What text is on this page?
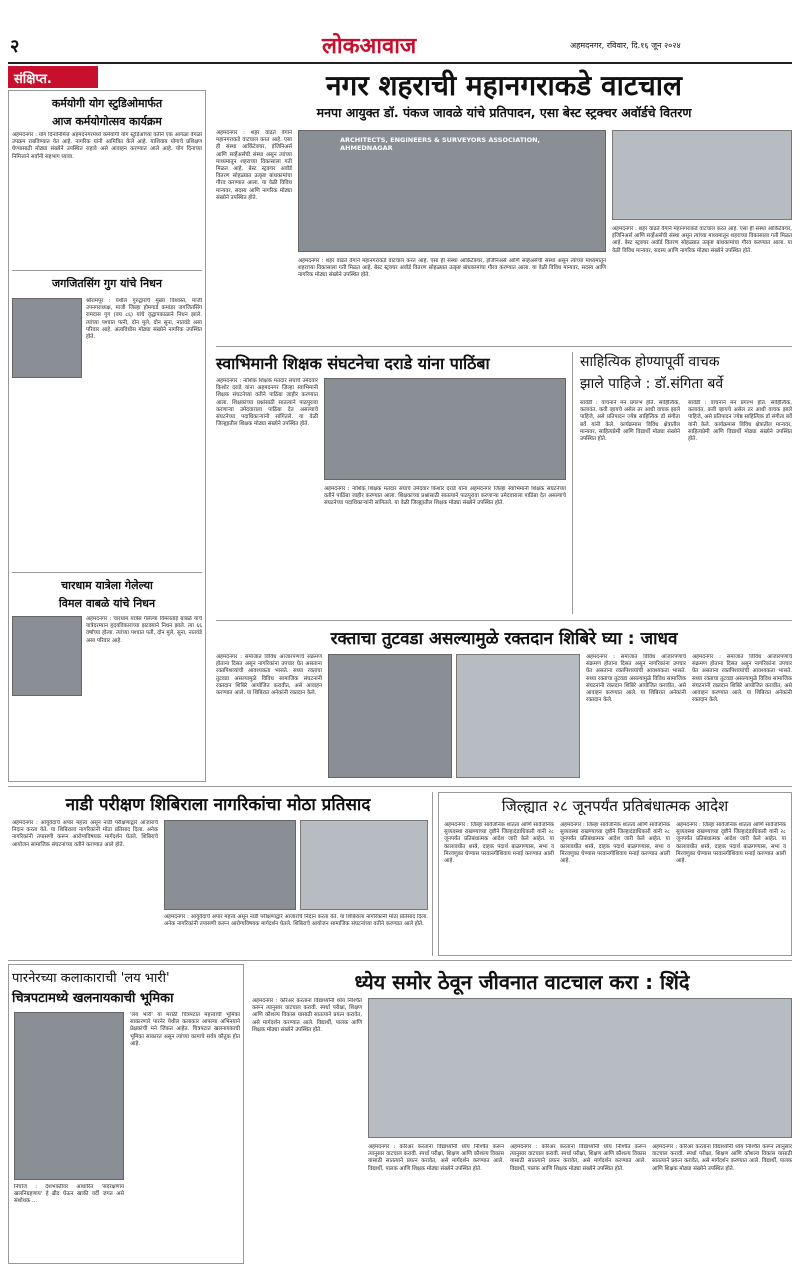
२	लोकआवाज	अहमदनगर, रविवार, दि.१६ जून २०२४
संक्षिप्त.
कर्मयोगी योग स्टुडिओमार्फत
आज कर्मयोगोत्सव कार्यक्रम
अहमदनगर : योग दिनानिमित्त अहमदनगरमध्ये कर्मयोगी योग स्टुडिओच्या वतीने एक आगळा वेगळा उपक्रम राबविण्यात येत आहे. नागरिक यांनी आमित्रित केले आहे. याशिवाय योगाचे प्रशिक्षण घेण्यासाठी मोठ्या संख्येने उपस्थित राहावे असे आवाहन करण्यात आले आहे. योग दिनाच्या निमित्ताने सर्वांनी सहभाग घ्यावा.
जगजितसिंग गुग यांचे निधन
श्रीरामपूर : येथील गुरुद्वाराचे मुख्य विश्वस्त, माजी उपनगराध्यक्ष, माजी जिल्हा होमगार्ड कमांडर जगजितसिंग रामदास गुग (वय ८६) यांचे वृद्धापकाळाने निधन झाले. त्यांच्या पश्चात पत्नी, दोन मुले, दोन सुना, नातवंडे असा परिवार आहे. अंत्यविधीस मोठ्या संख्येने नागरिक उपस्थित होते.
चारधाम यात्रेला गेलेल्या
विमल वाबळे यांचे निधन
अहमदनगर : चारधाम यात्रेस गेलेल्या विमलताई बाबळे यांचे यात्रेदरम्यान हृदयविकाराच्या झटक्याने निधन झाले. त्या ६६ वर्षांच्या होत्या. त्यांच्या पश्चात पती, दोन मुले, सुना, नातवंडे असा परिवार आहे.
नगर शहराची महानगराकडे वाटचाल
मनपा आयुक्त डॉ. पंकज जावळे यांचे प्रतिपादन, एसा बेस्ट स्ट्रक्चर अवॉर्डचे वितरण
अहमदनगर : शहर वाढते वेगाने महानगराकडे वाटचाल करत आहे. एसा ही संस्था आर्किटेक्चर, इंजिनिअर्स आणि सर्व्हेअर्सची संस्था असून त्यांच्या माध्यमातून शहराच्या विकासाला गती मिळत आहे. बेस्ट स्ट्रक्चर अवॉर्ड वितरण सोहळ्यात उत्कृष्ट बांधकामांचा गौरव करण्यात आला. या वेळी विविध मान्यवर, सदस्य आणि नागरिक मोठ्या संख्येने उपस्थित होते.
ARCHITECTS, ENGINEERS & SURVEYORS ASSOCIATION, AHMEDNAGAR
अहमदनगर : शहर वाढते वेगाने महानगराकडे वाटचाल करत आहे. एसा ही संस्था आर्किटेक्चर, इंजिनिअर्स आणि सर्व्हेअर्सची संस्था असून त्यांच्या माध्यमातून शहराच्या विकासाला गती मिळत आहे. बेस्ट स्ट्रक्चर अवॉर्ड वितरण सोहळ्यात उत्कृष्ट बांधकामांचा गौरव करण्यात आला. या वेळी विविध मान्यवर, सदस्य आणि नागरिक मोठ्या संख्येने उपस्थित होते.
अहमदनगर : शहर वाढते वेगाने महानगराकडे वाटचाल करत आहे. एसा ही संस्था आर्किटेक्चर, इंजिनिअर्स आणि सर्व्हेअर्सची संस्था असून त्यांच्या माध्यमातून शहराच्या विकासाला गती मिळत आहे. बेस्ट स्ट्रक्चर अवॉर्ड वितरण सोहळ्यात उत्कृष्ट बांधकामांचा गौरव करण्यात आला. या वेळी विविध मान्यवर, सदस्य आणि नागरिक मोठ्या संख्येने उपस्थित होते.
स्वाभिमानी शिक्षक संघटनेचा दराडे यांना पाठिंबा
अहमदनगर : नाशिक शिक्षक मतदार संघाचे उमेदवार किशोर दराडे यांना अहमदनगर जिल्हा स्वाभिमानी शिक्षक संघटनेच्या वतीने पाठिंबा जाहीर करण्यात आला. शिक्षकांच्या प्रश्नांसाठी सातत्याने पाठपुरावा करणाऱ्या उमेदवाराला पाठिंबा देत असल्याचे संघटनेच्या पदाधिकाऱ्यांनी सांगितले. या वेळी जिल्ह्यातील शिक्षक मोठ्या संख्येने उपस्थित होते.
अहमदनगर : नाशिक शिक्षक मतदार संघाचे उमेदवार किशोर दराडे यांना अहमदनगर जिल्हा स्वाभिमानी शिक्षक संघटनेच्या वतीने पाठिंबा जाहीर करण्यात आला. शिक्षकांच्या प्रश्नांसाठी सातत्याने पाठपुरावा करणाऱ्या उमेदवाराला पाठिंबा देत असल्याचे संघटनेच्या पदाधिकाऱ्यांनी सांगितले. या वेळी जिल्ह्यातील शिक्षक मोठ्या संख्येने उपस्थित होते.
साहित्यिक होण्यापूर्वी वाचक
झाले पाहिजे : डॉ.संगिता बर्वे
सावेडी : वाचनाने मन प्रगल्भ होते. साहित्यिक, कलावंत, कवी व्हायचे असेल तर आधी वाचक झाले पाहिजे, असे प्रतिपादन ज्येष्ठ साहित्यिक डॉ संगीता बर्वे यांनी केले. कार्यक्रमास विविध क्षेत्रातील मान्यवर, साहित्यप्रेमी आणि विद्यार्थी मोठ्या संख्येने उपस्थित होते.
सावेडी : वाचनाने मन प्रगल्भ होते. साहित्यिक, कलावंत, कवी व्हायचे असेल तर आधी वाचक झाले पाहिजे, असे प्रतिपादन ज्येष्ठ साहित्यिक डॉ संगीता बर्वे यांनी केले. कार्यक्रमास विविध क्षेत्रातील मान्यवर, साहित्यप्रेमी आणि विद्यार्थी मोठ्या संख्येने उपस्थित होते.
रक्ताचा तुटवडा असल्यामुळे रक्तदान शिबिरे घ्या : जाधव
अहमदनगर : समाजात विविध आजारपणाचे संक्रमण होताना दिसत असून नागरिकांना उपचार घेत असताना रक्तपिशव्यांची आवश्यकता भासते. सध्या रक्ताचा तुटवडा असल्यामुळे विविध सामाजिक संघटनांनी रक्तदान शिबिरे आयोजित करावीत, असे आवाहन करण्यात आले. या शिबिरात अनेकांनी रक्तदान केले.
अहमदनगर : समाजात विविध आजारपणाचे संक्रमण होताना दिसत असून नागरिकांना उपचार घेत असताना रक्तपिशव्यांची आवश्यकता भासते. सध्या रक्ताचा तुटवडा असल्यामुळे विविध सामाजिक संघटनांनी रक्तदान शिबिरे आयोजित करावीत, असे आवाहन करण्यात आले. या शिबिरात अनेकांनी रक्तदान केले.
अहमदनगर : समाजात विविध आजारपणाचे संक्रमण होताना दिसत असून नागरिकांना उपचार घेत असताना रक्तपिशव्यांची आवश्यकता भासते. सध्या रक्ताचा तुटवडा असल्यामुळे विविध सामाजिक संघटनांनी रक्तदान शिबिरे आयोजित करावीत, असे आवाहन करण्यात आले. या शिबिरात अनेकांनी रक्तदान केले.
नाडी परीक्षण शिबिराला नागरिकांचा मोठा प्रतिसाद
अहमदनगर : आयुर्वेदाचे अपार महत्त्व असून नाडी परीक्षणाद्वारे आजारांचे निदान करता येते. या शिबिराला नागरिकांनी मोठा प्रतिसाद दिला. अनेक नागरिकांनी तपासणी करून आरोग्यविषयक मार्गदर्शन घेतले. शिबिराचे आयोजन सामाजिक संघटनांच्या वतीने करण्यात आले होते.
अहमदनगर : आयुर्वेदाचे अपार महत्त्व असून नाडी परीक्षणाद्वारे आजारांचे निदान करता येते. या शिबिराला नागरिकांनी मोठा प्रतिसाद दिला. अनेक नागरिकांनी तपासणी करून आरोग्यविषयक मार्गदर्शन घेतले. शिबिराचे आयोजन सामाजिक संघटनांच्या वतीने करण्यात आले होते.
जिल्ह्यात २८ जूनपर्यंत प्रतिबंधात्मक आदेश
अहमदनगर : जिल्हा सार्वजनिक शांतता आणि सार्वजनिक सुव्यवस्था राखण्याच्या दृष्टीने जिल्हादंडाधिकारी यांनी २८ जूनपर्यंत प्रतिबंधात्मक आदेश जारी केले आहेत. या कालावधीत शस्त्रे, दाहक पदार्थ बाळगण्यास, सभा व मिरवणुका घेण्यास परवानगीशिवाय मनाई करण्यात आली आहे.
अहमदनगर : जिल्हा सार्वजनिक शांतता आणि सार्वजनिक सुव्यवस्था राखण्याच्या दृष्टीने जिल्हादंडाधिकारी यांनी २८ जूनपर्यंत प्रतिबंधात्मक आदेश जारी केले आहेत. या कालावधीत शस्त्रे, दाहक पदार्थ बाळगण्यास, सभा व मिरवणुका घेण्यास परवानगीशिवाय मनाई करण्यात आली आहे.
अहमदनगर : जिल्हा सार्वजनिक शांतता आणि सार्वजनिक सुव्यवस्था राखण्याच्या दृष्टीने जिल्हादंडाधिकारी यांनी २८ जूनपर्यंत प्रतिबंधात्मक आदेश जारी केले आहेत. या कालावधीत शस्त्रे, दाहक पदार्थ बाळगण्यास, सभा व मिरवणुका घेण्यास परवानगीशिवाय मनाई करण्यात आली आहे.
पारनेरच्या कलाकाराची 'लय भारी'
चित्रपटामध्ये खलनायकाची भूमिका
'लय भारी' या मराठी चित्रपटात महत्त्वाची भूमिका साकारणारे पारनेर येथील कलाकार आपल्या अभिनयाने प्रेक्षकांची मने जिंकत आहेत. चित्रपटात खलनायकाची भूमिका साकारत असून त्यांच्या कामाचे सर्वत्र कौतुक होत आहे.
निघोज : देशभक्तीवर आधारित 'सदरक्षणाय खलनिग्रहणाय' हे ब्रीद घेऊन खाकी वर्दी जगत असे संशोधक ...
ध्येय समोर ठेवून जीवनात वाटचाल करा : शिंदे
अहमदनगर : करिअर करताना विद्यार्थ्यांनी ध्येय निश्चित करून त्यानुसार वाटचाल करावी. स्पर्धा परीक्षा, शिक्षण आणि कौशल्य विकास यासाठी सातत्याने प्रयत्न करावेत, असे मार्गदर्शन करण्यात आले. विद्यार्थी, पालक आणि शिक्षक मोठ्या संख्येने उपस्थित होते.
अहमदनगर : करिअर करताना विद्यार्थ्यांनी ध्येय निश्चित करून त्यानुसार वाटचाल करावी. स्पर्धा परीक्षा, शिक्षण आणि कौशल्य विकास यासाठी सातत्याने प्रयत्न करावेत, असे मार्गदर्शन करण्यात आले. विद्यार्थी, पालक आणि शिक्षक मोठ्या संख्येने उपस्थित होते.
अहमदनगर : करिअर करताना विद्यार्थ्यांनी ध्येय निश्चित करून त्यानुसार वाटचाल करावी. स्पर्धा परीक्षा, शिक्षण आणि कौशल्य विकास यासाठी सातत्याने प्रयत्न करावेत, असे मार्गदर्शन करण्यात आले. विद्यार्थी, पालक आणि शिक्षक मोठ्या संख्येने उपस्थित होते.
अहमदनगर : करिअर करताना विद्यार्थ्यांनी ध्येय निश्चित करून त्यानुसार वाटचाल करावी. स्पर्धा परीक्षा, शिक्षण आणि कौशल्य विकास यासाठी सातत्याने प्रयत्न करावेत, असे मार्गदर्शन करण्यात आले. विद्यार्थी, पालक आणि शिक्षक मोठ्या संख्येने उपस्थित होते.
